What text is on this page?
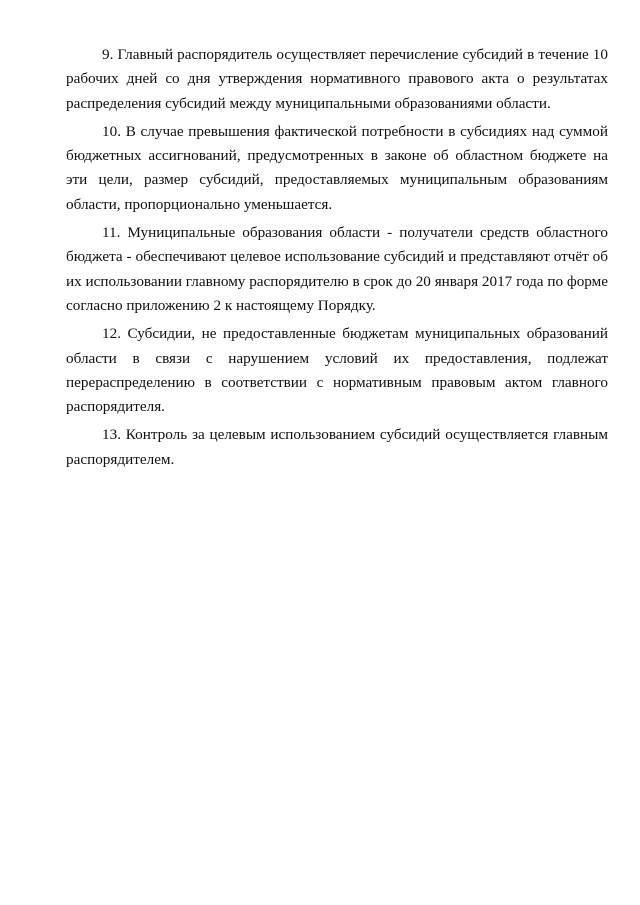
9. Главный распорядитель осуществляет перечисление субсидий в течение 10 рабочих дней со дня утверждения нормативного правового акта о результатах распределения субсидий между муниципальными образованиями области.

10. В случае превышения фактической потребности в субсидиях над суммой бюджетных ассигнований, предусмотренных в законе об областном бюджете на эти цели, размер субсидий, предоставляемых муниципальным образованиям области, пропорционально уменьшается.

11. Муниципальные образования области - получатели средств областного бюджета - обеспечивают целевое использование субсидий и представляют отчёт об их использовании главному распорядителю в срок до 20 января 2017 года по форме согласно приложению 2 к настоящему Порядку.

12. Субсидии, не предоставленные бюджетам муниципальных образований области в связи с нарушением условий их предоставления, подлежат перераспределению в соответствии с нормативным правовым актом главного распорядителя.

13. Контроль за целевым использованием субсидий осуществляется главным распорядителем.
